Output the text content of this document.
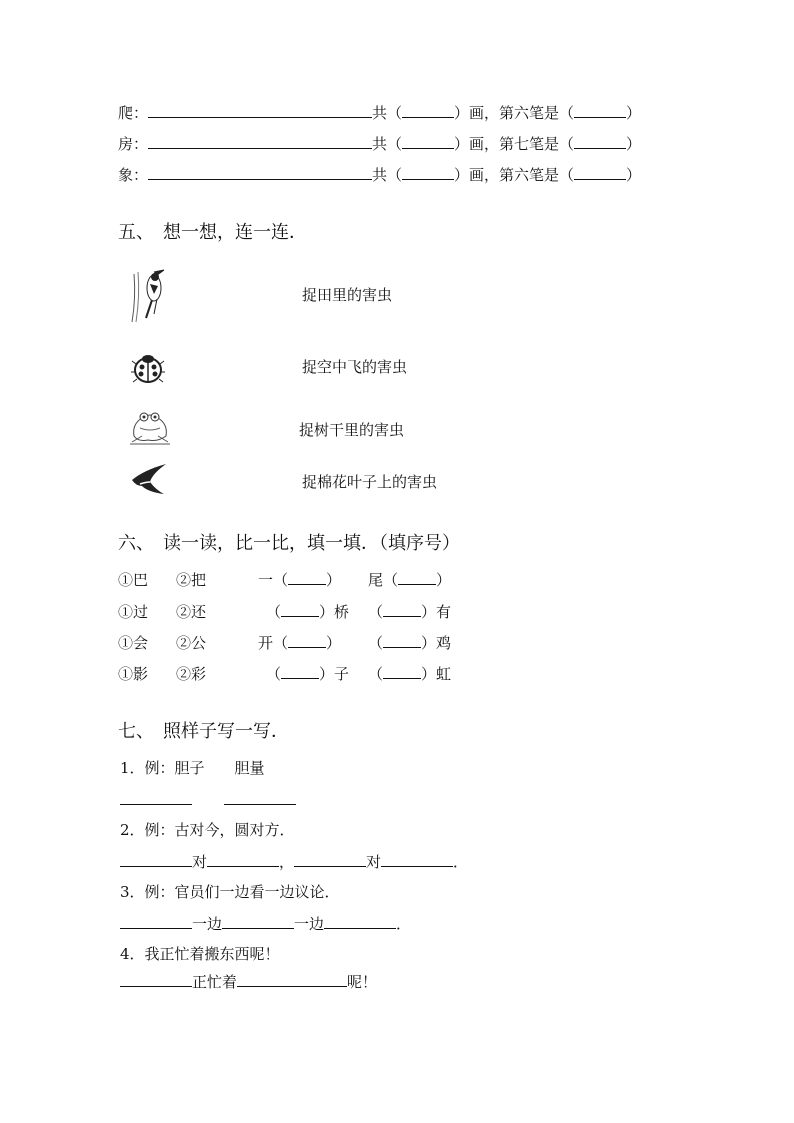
爬：	共（	）画，第六笔是（	）
房：	共（	）画，第七笔是（	）
象：	共（	）画，第六笔是（	）
五、　想一想，连一连．
捉田里的害虫
捉空中飞的害虫
捉树干里的害虫
捉棉花叶子上的害虫
六、　读一读，比一比，填一填．（填序号）
①巴 ②把	一（	） 尾（	）
①过 ②还	（	）桥 （	）有
①会 ②公	开（	） （	）鸡
①影 ②彩	（	）子 （	）虹
七、　照样子写一写．
1．例：胆子　　胆量
2．例：古对今，圆对方．
对	，	对	．
3．例：官员们一边看一边议论．
一边	一边	．
4．我正忙着搬东西呢！
正忙着	呢！
